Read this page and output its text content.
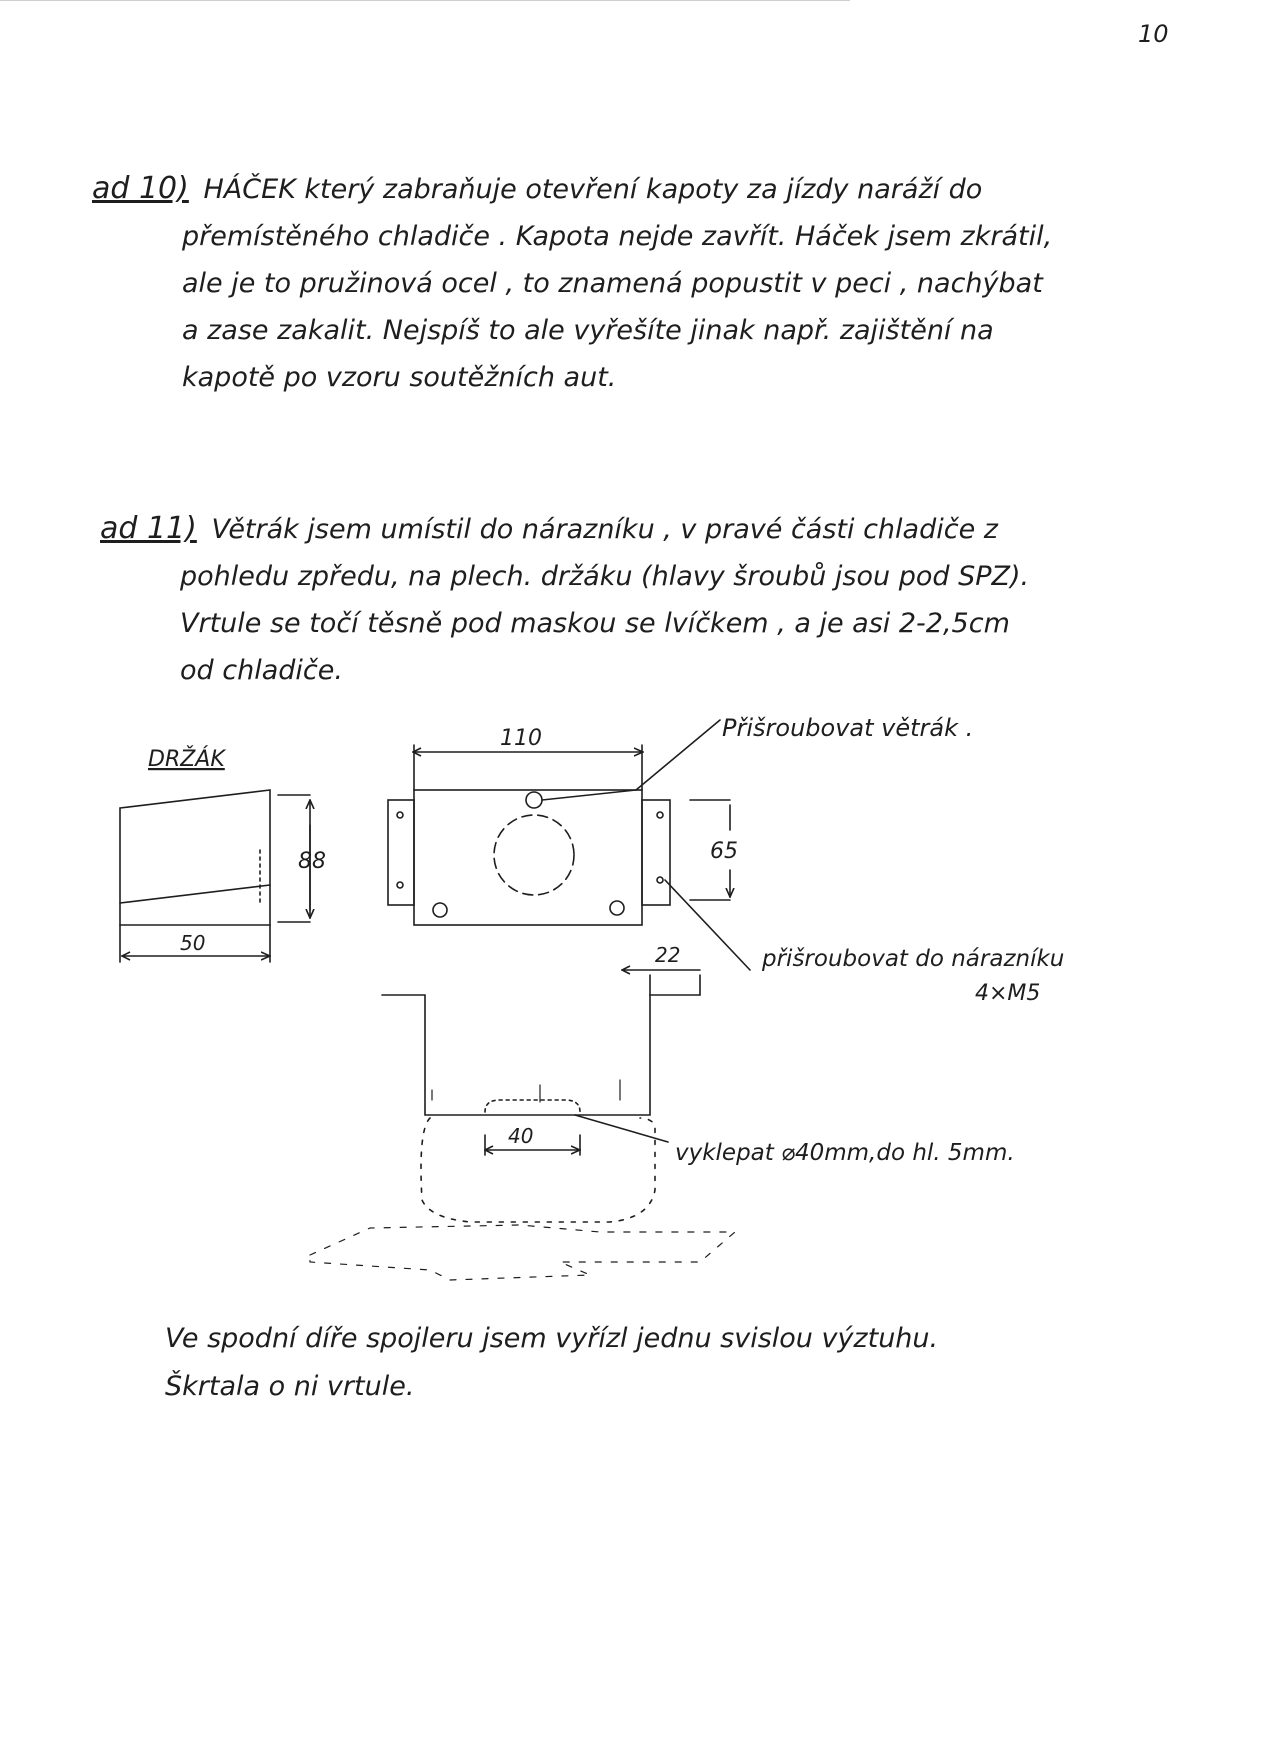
10
ad 10) HÁČEK který zabraňuje otevření kapoty za jízdy naráží do
přemístěného chladiče . Kapota nejde zavřít. Háček jsem zkrátil,
ale je to pružinová ocel , to znamená popustit v peci , nachýbat
a zase zakalit. Nejspíš to ale vyřešíte jinak např. zajištění na
kapotě po vzoru soutěžních aut.
ad 11) Větrák jsem umístil do nárazníku , v pravé části chladiče z
pohledu zpředu, na plech. držáku (hlavy šroubů jsou pod SPZ).
Vrtule se točí těsně pod maskou se lvíčkem , a je asi 2-2,5cm
od chladiče.
DRŽÁK
88
50
110
65
22
40
Přišroubovat větrák .
přišroubovat do nárazníku
4×M5
vyklepat ⌀40mm,do hl. 5mm.
Ve spodní díře spojleru jsem vyřízl jednu svislou výztuhu.
Škrtala o ni vrtule.
